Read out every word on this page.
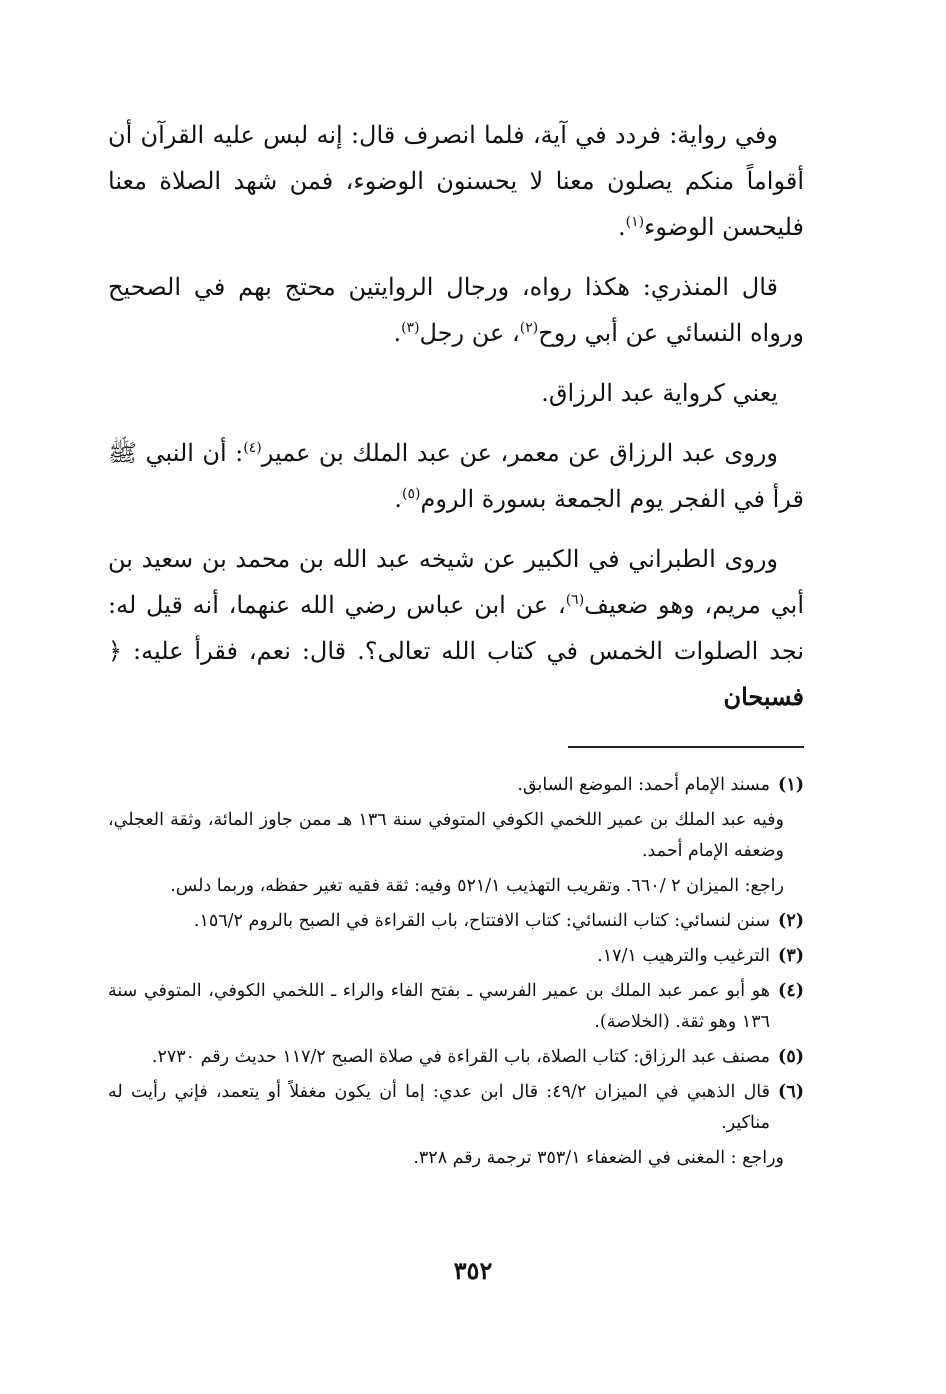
وفي رواية: فردد في آية، فلما انصرف قال: إنه لبس عليه القرآن أن أقواماً منكم يصلون معنا لا يحسنون الوضوء، فمن شهد الصلاة معنا فليحسن الوضوء$^{(١)}$.

قال المنذري: هكذا رواه، ورجال الروايتين محتج بهم في الصحيح ورواه النسائي عن أبي روح$^{(٢)}$، عن رجل$^{(٣)}$.

يعني كرواية عبد الرزاق.

وروى عبد الرزاق عن معمر، عن عبد الملك بن عمير$^{(٤)}$: أن النبي ﷺ قرأ في الفجر يوم الجمعة بسورة الروم$^{(٥)}$.

وروى الطبراني في الكبير عن شيخه عبد الله بن محمد بن سعيد بن أبي مريم، وهو ضعيف$^{(٦)}$، عن ابن عباس رضي الله عنهما، أنه قيل له: نجد الصلوات الخمس في كتاب الله تعالى؟. قال: نعم، فقرأ عليه: ﴿ فسبحان

(١)
مسند الإمام أحمد: الموضع السابق.

وفيه عبد الملك بن عمير اللخمي الكوفي المتوفي سنة ١٣٦ هـ ممن جاوز المائة، وثقة العجلي، وضعفه الإمام أحمد.

راجع: الميزان ٢ /٦٦٠. وتقريب التهذيب ٥٢١/١ وفيه: ثقة فقيه تغير حفظه، وربما دلس.

(٢)
سنن لنسائي: كتاب النسائي: كتاب الافتتاح، باب القراءة في الصبح بالروم ١٥٦/٢.

(٣)
الترغيب والترهيب ١٧/١.

(٤)
هو أبو عمر عبد الملك بن عمير الفرسي ـ بفتح الفاء والراء ـ اللخمي الكوفي، المتوفي سنة ١٣٦ وهو ثقة. (الخلاصة).

(٥)
مصنف عبد الرزاق: كتاب الصلاة، باب القراءة في صلاة الصبح ١١٧/٢ حديث رقم ٢٧٣٠.

(٦)
قال الذهبي في الميزان ٤٩/٢: قال ابن عدي: إما أن يكون مغفلاً أو يتعمد، فإني رأيت له مناكير.

وراجع : المغنى في الضعفاء ٣٥٣/١ ترجمة رقم ٣٢٨.

٣٥٢
